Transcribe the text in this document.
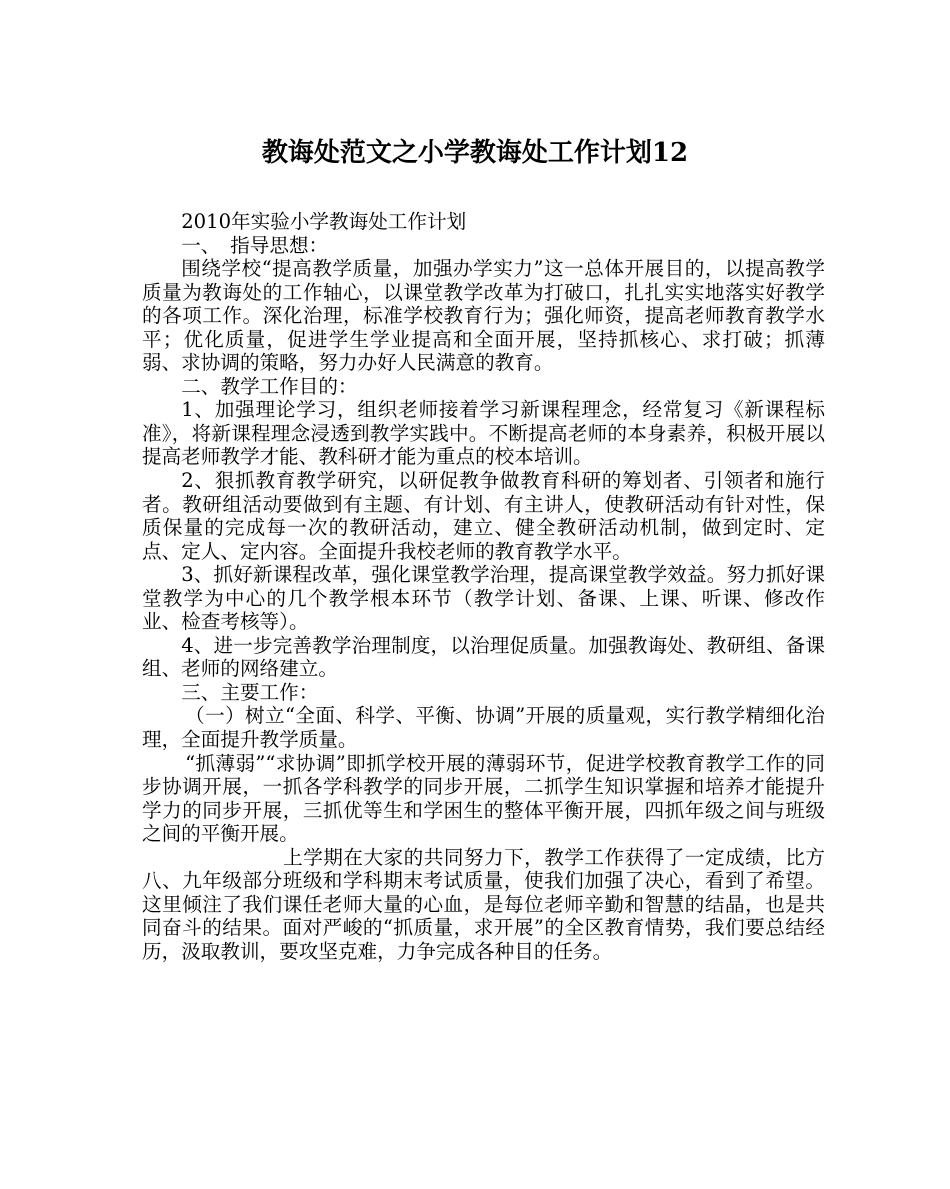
教诲处范文之小学教诲处工作计划12

2010年实验小学教诲处工作计划

一、　指导思想：

围绕学校“提高教学质量，加强办学实力”这一总体开展目的，以提高教学质量为教诲处的工作轴心，以课堂教学改革为打破口，扎扎实实地落实好教学的各项工作。深化治理，标准学校教育行为；强化师资，提高老师教育教学水平；优化质量，促进学生学业提高和全面开展，坚持抓核心、求打破；抓薄弱、求协调的策略，努力办好人民满意的教育。

二、教学工作目的：

1、加强理论学习，组织老师接着学习新课程理念，经常复习《新课程标准》，将新课程理念浸透到教学实践中。不断提高老师的本身素养，积极开展以提高老师教学才能、教科研才能为重点的校本培训。

2、狠抓教育教学研究，以研促教争做教育科研的筹划者、引领者和施行者。教研组活动要做到有主题、有计划、有主讲人，使教研活动有针对性，保质保量的完成每一次的教研活动，建立、健全教研活动机制，做到定时、定点、定人、定内容。全面提升我校老师的教育教学水平。

3、抓好新课程改革，强化课堂教学治理，提高课堂教学效益。努力抓好课堂教学为中心的几个教学根本环节（教学计划、备课、上课、听课、修改作业、检查考核等）。

4、进一步完善教学治理制度，以治理促质量。加强教诲处、教研组、备课组、老师的网络建立。

三、主要工作：

（一）树立“全面、科学、平衡、协调”开展的质量观，实行教学精细化治理，全面提升教学质量。

“抓薄弱”“求协调”即抓学校开展的薄弱环节，促进学校教育教学工作的同步协调开展，一抓各学科教学的同步开展，二抓学生知识掌握和培养才能提升学力的同步开展，三抓优等生和学困生的整体平衡开展，四抓年级之间与班级之间的平衡开展。

上学期在大家的共同努力下，教学工作获得了一定成绩，比方八、九年级部分班级和学科期末考试质量，使我们加强了决心，看到了希望。这里倾注了我们课任老师大量的心血，是每位老师辛勤和智慧的结晶，也是共同奋斗的结果。面对严峻的“抓质量，求开展”的全区教育情势，我们要总结经历，汲取教训，要攻坚克难，力争完成各种目的任务。
